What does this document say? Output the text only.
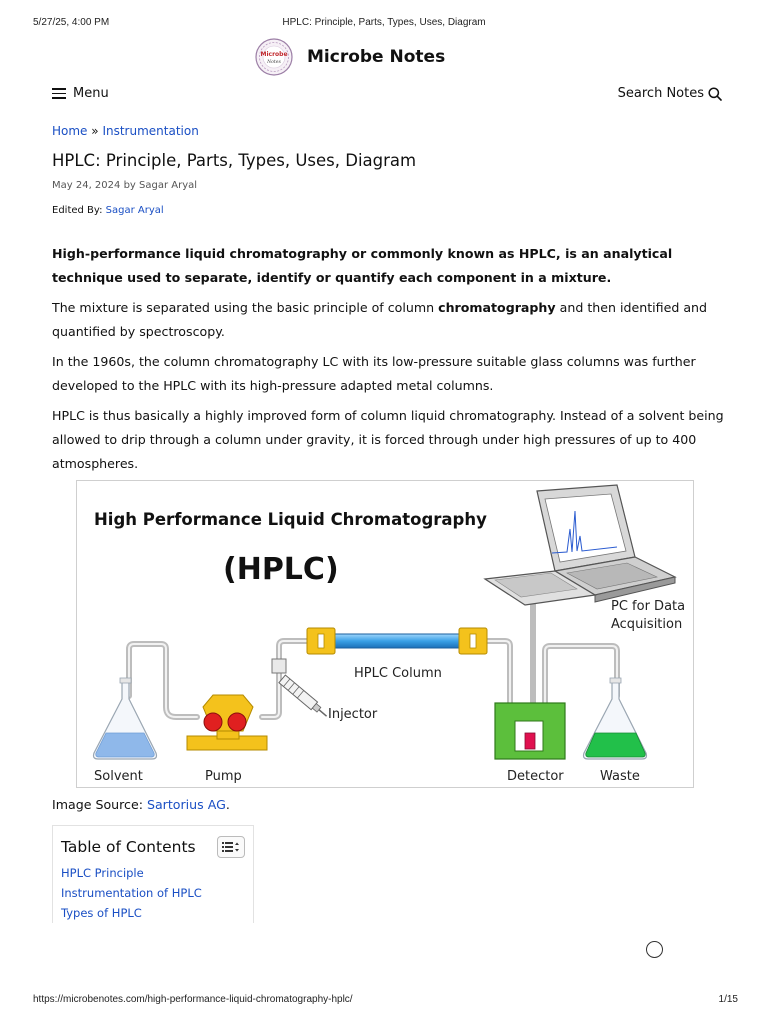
5/27/25, 4:00 PM	HPLC: Principle, Parts, Types, Uses, Diagram
Microbe
Notes Microbe Notes
Menu	Search Notes
Home » Instrumentation
HPLC: Principle, Parts, Types, Uses, Diagram
May 24, 2024 by Sagar Aryal
Edited By: Sagar Aryal

High-performance liquid chromatography or commonly known as HPLC, is an analytical technique used to separate, identify or quantify each component in a mixture.

The mixture is separated using the basic principle of column chromatography and then identified and quantified by spectroscopy.

In the 1960s, the column chromatography LC with its low-pressure suitable glass columns was further developed to the HPLC with its high-pressure adapted metal columns.

HPLC is thus basically a highly improved form of column liquid chromatography. Instead of a solvent being allowed to drip through a column under gravity, it is forced through under high pressures of up to 400 atmospheres.

High Performance Liquid Chromatography
(HPLC)
PC for Data
Acquisition
HPLC Column
Injector
Solvent	Pump	Detector	Waste
Image Source: Sartorius AG.
Table of Contents
HPLC Principle
Instrumentation of HPLC
Types of HPLC
https://microbenotes.com/high-performance-liquid-chromatography-hplc/	1/15
